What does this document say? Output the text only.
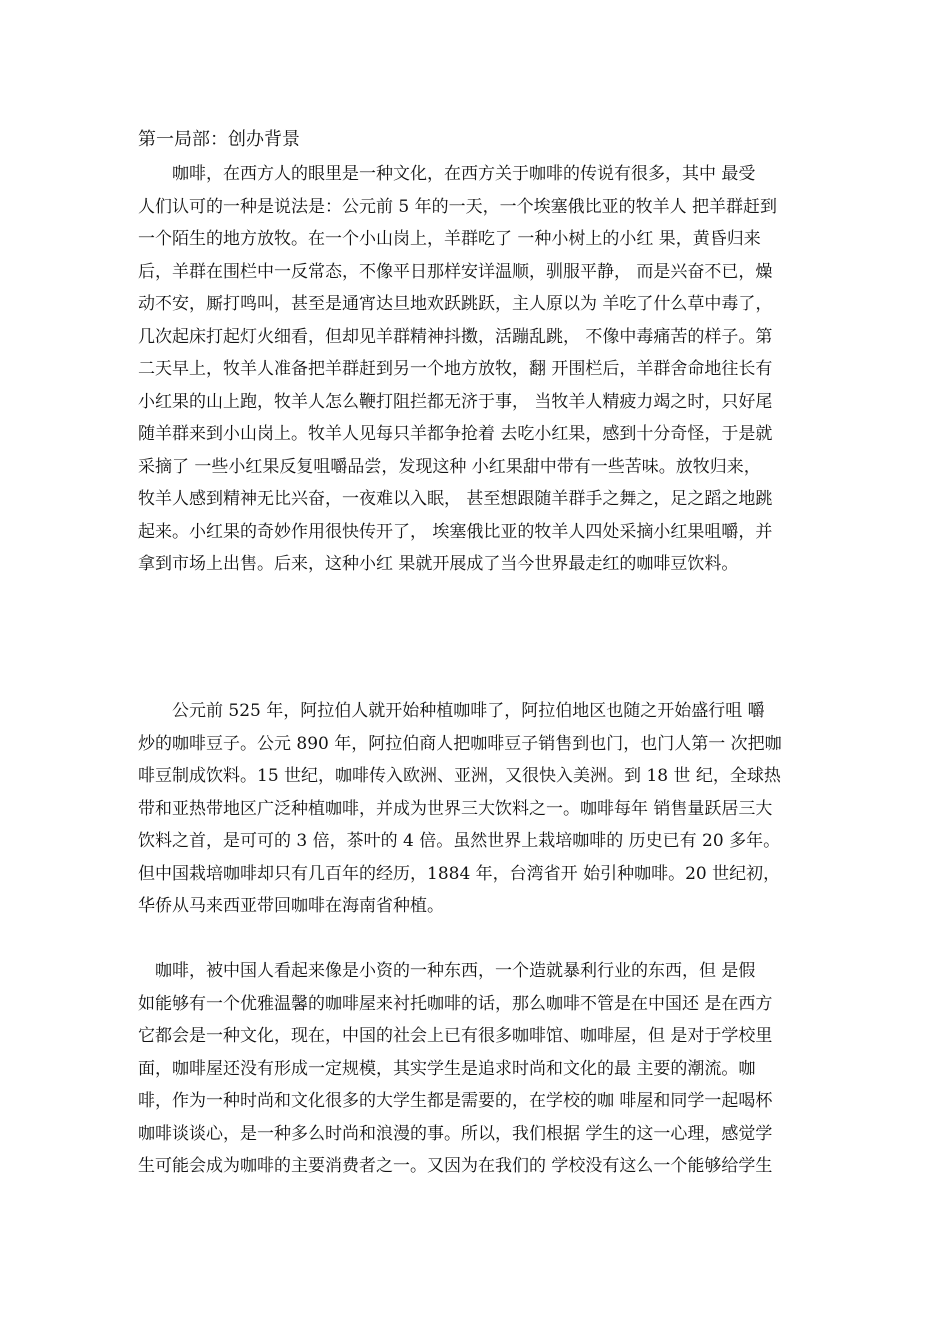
第一局部：创办背景
　　咖啡，在西方人的眼里是一种文化，在西方关于咖啡的传说有很多，其中 最受
人们认可的一种是说法是：公元前 5 年的一天，一个埃塞俄比亚的牧羊人 把羊群赶到
一个陌生的地方放牧。在一个小山岗上，羊群吃了 一种小树上的小红 果，黄昏归来
后，羊群在围栏中一反常态，不像平日那样安详温顺，驯服平静， 而是兴奋不已，燥
动不安，厮打鸣叫，甚至是通宵达旦地欢跃跳跃，主人原以为 羊吃了什么草中毒了，
几次起床打起灯火细看，但却见羊群精神抖擞，活蹦乱跳， 不像中毒痛苦的样子。第
二天早上，牧羊人准备把羊群赶到另一个地方放牧，翻 开围栏后，羊群舍命地往长有
小红果的山上跑，牧羊人怎么鞭打阻拦都无济于事， 当牧羊人精疲力竭之时，只好尾
随羊群来到小山岗上。牧羊人见每只羊都争抢着 去吃小红果，感到十分奇怪，于是就
采摘了 一些小红果反复咀嚼品尝，发现这种 小红果甜中带有一些苦味。放牧归来，
牧羊人感到精神无比兴奋，一夜难以入眠， 甚至想跟随羊群手之舞之，足之蹈之地跳
起来。小红果的奇妙作用很快传开了， 埃塞俄比亚的牧羊人四处采摘小红果咀嚼，并
拿到市场上出售。后来，这种小红 果就开展成了当今世界最走红的咖啡豆饮料。
　　公元前 525 年，阿拉伯人就开始种植咖啡了，阿拉伯地区也随之开始盛行咀 嚼
炒的咖啡豆子。公元 890 年，阿拉伯商人把咖啡豆子销售到也门，也门人第一 次把咖
啡豆制成饮料。15 世纪，咖啡传入欧洲、亚洲，又很快入美洲。到 18 世 纪，全球热
带和亚热带地区广泛种植咖啡，并成为世界三大饮料之一。咖啡每年 销售量跃居三大
饮料之首，是可可的 3 倍，茶叶的 4 倍。虽然世界上栽培咖啡的 历史已有 20 多年。
但中国栽培咖啡却只有几百年的经历，1884 年，台湾省开 始引种咖啡。20 世纪初，
华侨从马来西亚带回咖啡在海南省种植。
　咖啡，被中国人看起来像是小资的一种东西，一个造就暴利行业的东西，但 是假
如能够有一个优雅温馨的咖啡屋来衬托咖啡的话，那么咖啡不管是在中国还 是在西方
它都会是一种文化，现在，中国的社会上已有很多咖啡馆、咖啡屋，但 是对于学校里
面，咖啡屋还没有形成一定规模，其实学生是追求时尚和文化的最 主要的潮流。咖
啡，作为一种时尚和文化很多的大学生都是需要的，在学校的咖 啡屋和同学一起喝杯
咖啡谈谈心，是一种多么时尚和浪漫的事。所以，我们根据 学生的这一心理，感觉学
生可能会成为咖啡的主要消费者之一。又因为在我们的 学校没有这么一个能够给学生
